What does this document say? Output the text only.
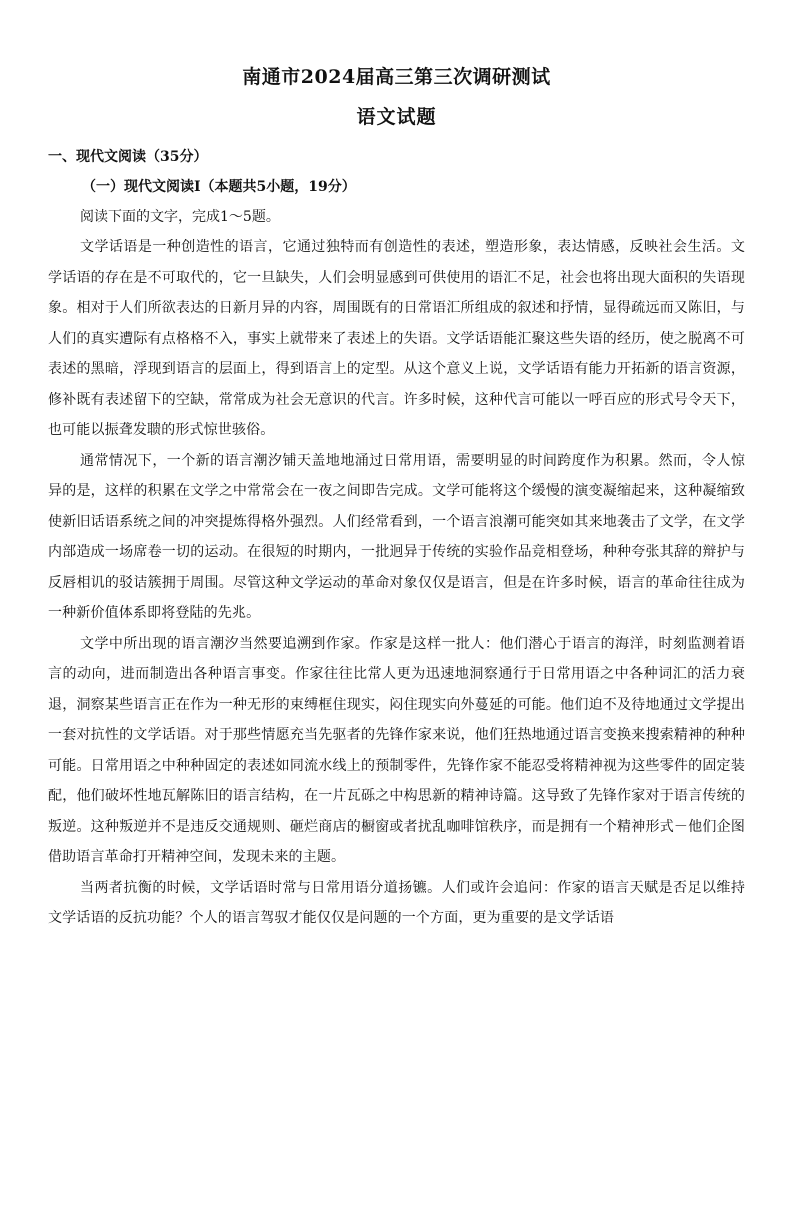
南通市2024届高三第三次调研测试
语文试题
一、现代文阅读（35分）
（一）现代文阅读Ⅰ（本题共5小题，19分）
阅读下面的文字，完成1～5题。

文学话语是一种创造性的语言，它通过独特而有创造性的表述，塑造形象，表达情感，反映社会生活。文学话语的存在是不可取代的，它一旦缺失，人们会明显感到可供使用的语汇不足，社会也将出现大面积的失语现象。相对于人们所欲表达的日新月异的内容，周围既有的日常语汇所组成的叙述和抒情，显得疏远而又陈旧，与人们的真实遭际有点格格不入，事实上就带来了表述上的失语。文学话语能汇聚这些失语的经历，使之脱离不可表述的黑暗，浮现到语言的层面上，得到语言上的定型。从这个意义上说，文学话语有能力开拓新的语言资源，修补既有表述留下的空缺，常常成为社会无意识的代言。许多时候，这种代言可能以一呼百应的形式号令天下，也可能以振聋发聩的形式惊世骇俗。

通常情况下，一个新的语言潮汐铺天盖地地涌过日常用语，需要明显的时间跨度作为积累。然而，令人惊异的是，这样的积累在文学之中常常会在一夜之间即告完成。文学可能将这个缓慢的演变凝缩起来，这种凝缩致使新旧话语系统之间的冲突提炼得格外强烈。人们经常看到，一个语言浪潮可能突如其来地袭击了文学，在文学内部造成一场席卷一切的运动。在很短的时期内，一批迥异于传统的实验作品竞相登场，种种夸张其辞的辩护与反唇相讥的驳诘簇拥于周围。尽管这种文学运动的革命对象仅仅是语言，但是在许多时候，语言的革命往往成为一种新价值体系即将登陆的先兆。

文学中所出现的语言潮汐当然要追溯到作家。作家是这样一批人：他们潜心于语言的海洋，时刻监测着语言的动向，进而制造出各种语言事变。作家往往比常人更为迅速地洞察通行于日常用语之中各种词汇的活力衰退，洞察某些语言正在作为一种无形的束缚框住现实，闷住现实向外蔓延的可能。他们迫不及待地通过文学提出一套对抗性的文学话语。对于那些情愿充当先驱者的先锋作家来说，他们狂热地通过语言变换来搜索精神的种种可能。日常用语之中种种固定的表述如同流水线上的预制零件，先锋作家不能忍受将精神视为这些零件的固定装配，他们破坏性地瓦解陈旧的语言结构，在一片瓦砾之中构思新的精神诗篇。这导致了先锋作家对于语言传统的叛逆。这种叛逆并不是违反交通规则、砸烂商店的橱窗或者扰乱咖啡馆秩序，而是拥有一个精神形式－他们企图借助语言革命打开精神空间，发现未来的主题。

当两者抗衡的时候，文学话语时常与日常用语分道扬镳。人们或许会追问：作家的语言天赋是否足以维持文学话语的反抗功能？个人的语言驾驭才能仅仅是问题的一个方面，更为重要的是文学话语
